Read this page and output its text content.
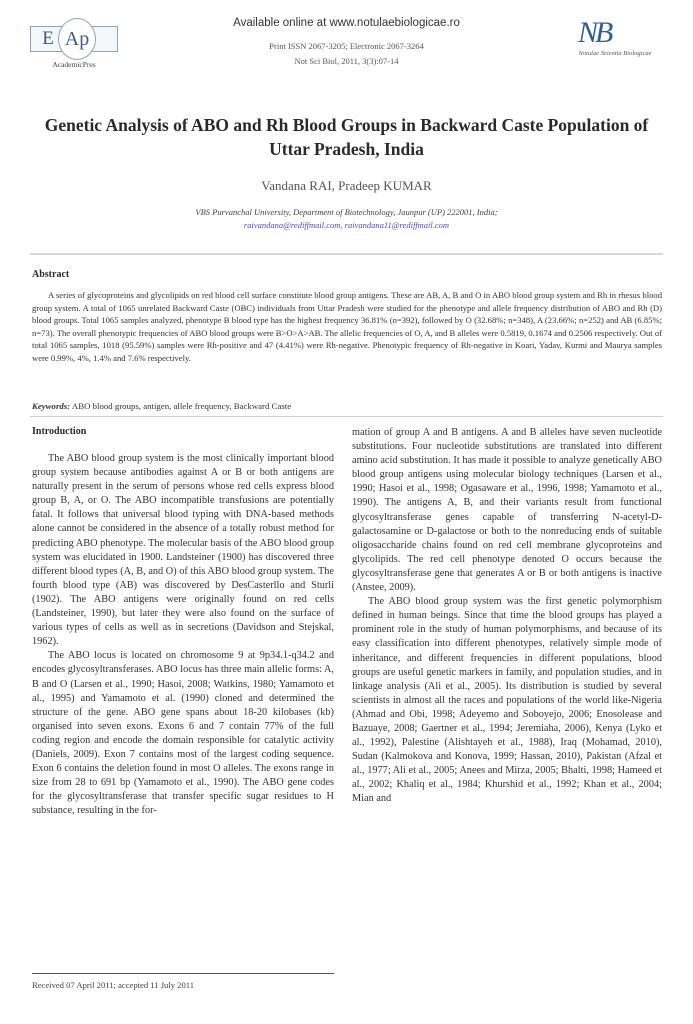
E Ap
AcademicPres
Available online at www.notulaebiologicae.ro
Print ISSN 2067-3205; Electronic 2067-3264
Not Sci Biol, 2011, 3(3):07-14
NB
Notulae Scientia Biologicae
Genetic Analysis of ABO and Rh Blood Groups in Backward Caste Population of Uttar Pradesh, India
Vandana RAI, Pradeep KUMAR
VBS Purvanchal University, Department of Biotechnology, Jaunpur (UP) 222001, India;
raivandana@rediffmail.com, raivandana11@rediffmail.com
Abstract
A series of glycoproteins and glycolipids on red blood cell surface constitute blood group antigens. These are AB, A, B and O in ABO blood group system and Rh in rhesus blood group system. A total of 1065 unrelated Backward Caste (OBC) individuals from Uttar Pradesh were studied for the phenotype and allele frequency distribution of ABO and Rh (D) blood groups. Total 1065 samples analyzed, phenotype B blood type has the highest frequency 36.81% (n=392), followed by O (32.68%; n=348), A (23.66%; n=252) and AB (6.85%; n=73). The overall phenotypic frequencies of ABO blood groups were B>O>A>AB. The allelic frequencies of O, A, and B alleles were 0.5819, 0.1674 and 0.2506 respectively. Out of total 1065 samples, 1018 (95.59%) samples were Rh-positive and 47 (4.41%) were Rh-negative. Phenotypic frequency of Rh-negative in Koari, Yadav, Kurmi and Maurya samples were 0.99%, 4%, 1.4% and 7.6% respectively.
Keywords: ABO blood groups, antigen, allele frequency, Backward Caste
Introduction

The ABO blood group system is the most clinically important blood group system because antibodies against A or B or both antigens are naturally present in the serum of persons whose red cells express blood group B, A, or O. The ABO incompatible transfusions are potentially fatal. It follows that universal blood typing with DNA-based methods alone cannot be considered in the absence of a totally robust method for predicting ABO phenotype. The molecular basis of the ABO blood group system was elucidated in 1900. Landsteiner (1900) has discovered three different blood types (A, B, and O) of this ABO blood group system. The fourth blood type (AB) was discovered by DesCasterllo and Sturli (1902). The ABO antigens were originally found on red cells (Landsteiner, 1990), but later they were also found on the surface of various types of cells as well as in secretions (Davidson and Stejskal, 1962).

The ABO locus is located on chromosome 9 at 9p34.1-q34.2 and encodes glycosyltransferases. ABO locus has three main allelic forms: A, B and O (Larsen et al., 1990; Hasoi, 2008; Watkins, 1980; Yamamoto et al., 1995) and Yamamoto et al. (1990) cloned and determined the structure of the gene. ABO gene spans about 18-20 kilobases (kb) organised into seven exons. Exons 6 and 7 contain 77% of the full coding region and encode the domain responsible for catalytic activity (Daniels, 2009). Exon 7 contains most of the largest coding sequence. Exon 6 contains the deletion found in most O alleles. The exons range in size from 28 to 691 bp (Yamamoto et al., 1990). The ABO gene codes for the glycosyltransferase that transfer specific sugar residues to H substance, resulting in the for-

mation of group A and B antigens. A and B alleles have seven nucleotide substitutions. Four nucleotide substitutions are translated into different amino acid substitution. It has made it possible to analyze genetically ABO blood group antigens using molecular biology techniques (Larsen et al., 1990; Hasoi et al., 1998; Ogasaware et al., 1996, 1998; Yamamoto et al., 1990). The antigens A, B, and their variants result from functional glycosyltransferase genes capable of transferring N-acetyl-D-galactosamine or D-galactose or both to the nonreducing ends of suitable oligosaccharide chains found on red cell membrane glycoproteins and glycolipids. The red cell phenotype denoted O occurs because the glycosyltransferase gene that generates A or B or both antigens is inactive (Anstee, 2009).

The ABO blood group system was the first genetic polymorphism defined in human beings. Since that time the blood groups has played a prominent role in the study of human polymorphisms, and because of its easy classification into different phenotypes, relatively simple mode of inheritance, and different frequencies in different populations, blood groups are useful genetic markers in family, and population studies, and in linkage analysis (Ali et al., 2005). Its distribution is studied by several scientists in almost all the races and populations of the world like-Nigeria (Ahmad and Obi, 1998; Adeyemo and Soboyejo, 2006; Enosolease and Bazuaye, 2008; Gaertner et al., 1994; Jeremiaha, 2006), Kenya (Lyko et al., 1992), Palestine (Alishtayeh et al., 1988), Iraq (Mohamad, 2010), Sudan (Kalmokova and Konova, 1999; Hassan, 2010), Pakistan (Afzal et al., 1977; Ali et al., 2005; Anees and Mirza, 2005; Bhalti, 1998; Hameed et al., 2002; Khaliq et al., 1984; Khurshid et al., 1992; Khan et al., 2004; Mian and

Received 07 April 2011; accepted 11 July 2011
